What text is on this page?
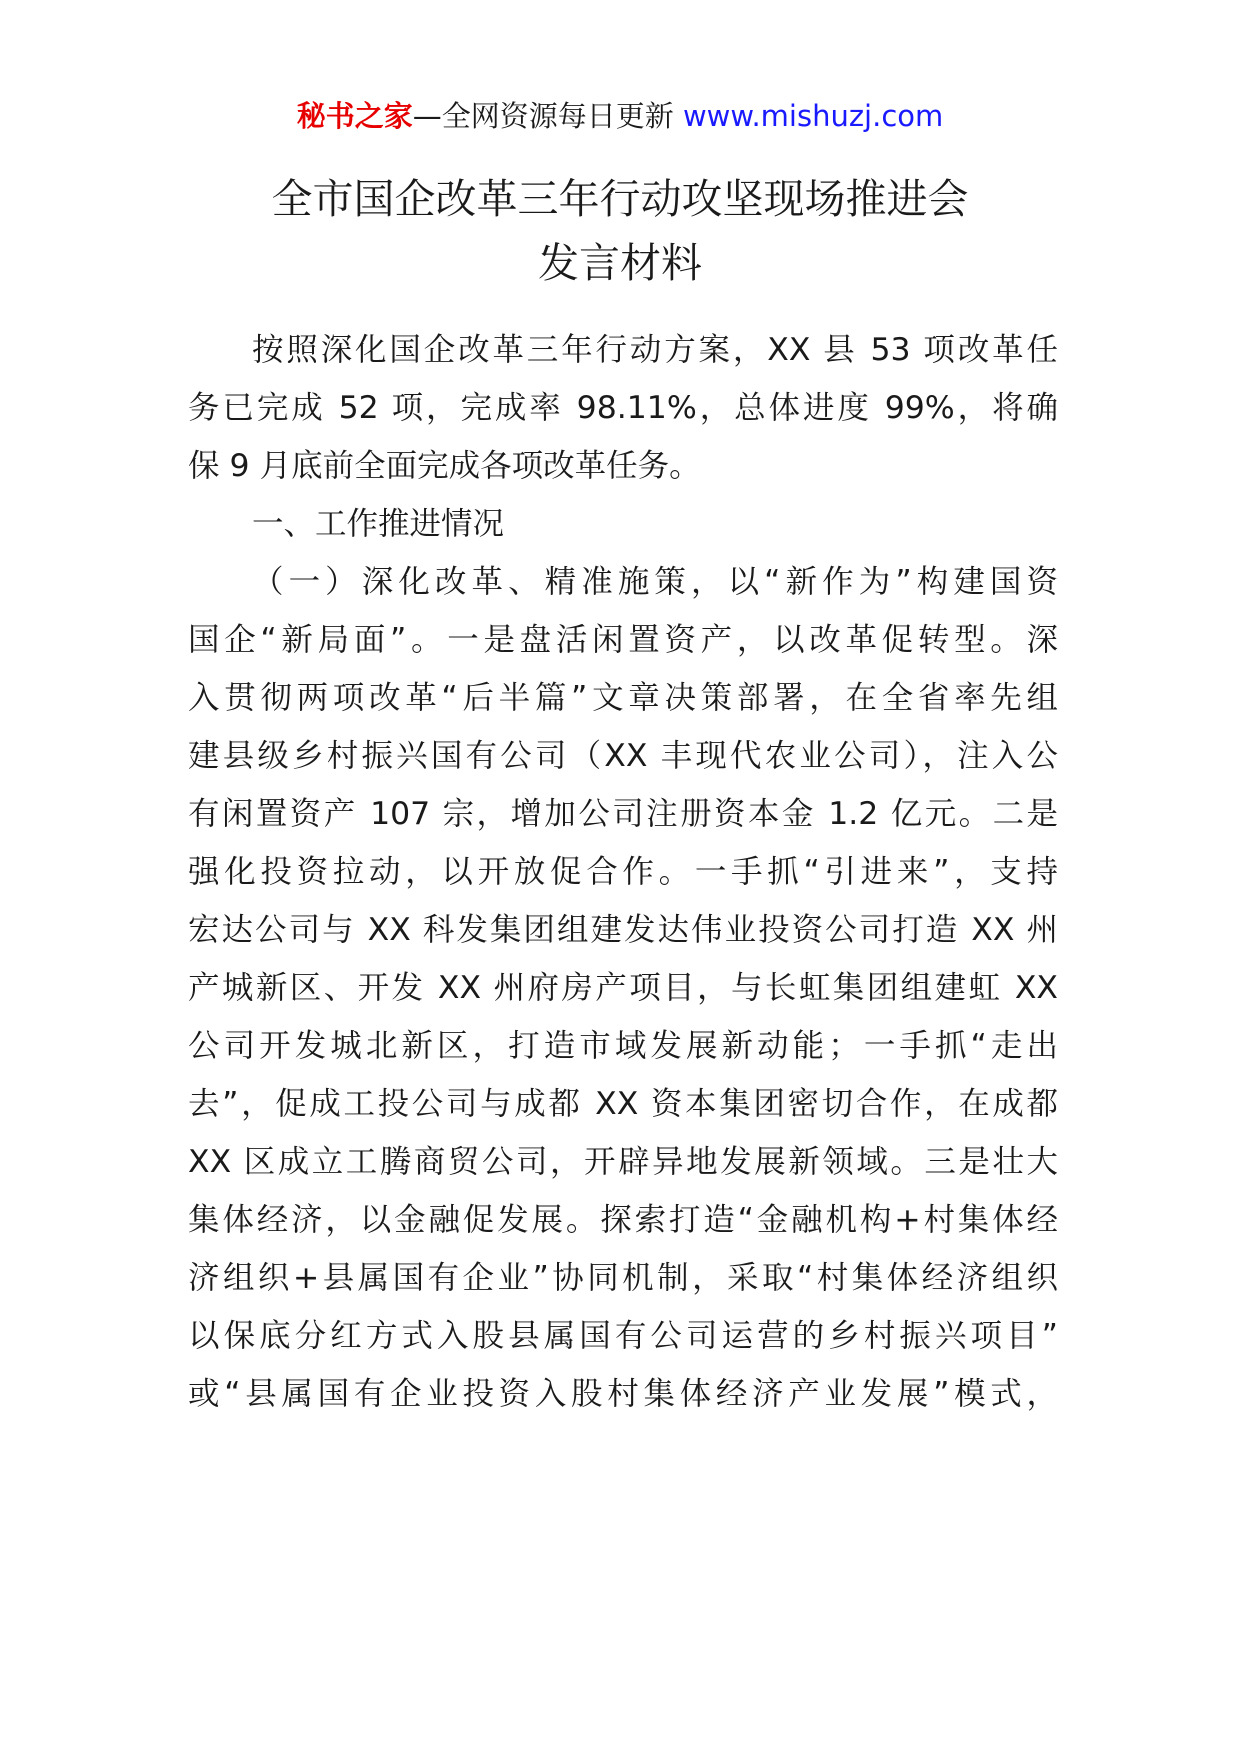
秘书之家—全网资源每日更新 www.mishuzj.com
全市国企改革三年行动攻坚现场推进会
发言材料
按照深化国企改革三年行动方案，XX 县 53 项改革任
务已完成 52 项，完成率 98.11%，总体进度 99%，将确
保 9 月底前全面完成各项改革任务。
一、工作推进情况
（一）深化改革、精准施策，以“新作为”构建国资
国企“新局面”。一是盘活闲置资产，以改革促转型。深
入贯彻两项改革“后半篇”文章决策部署，在全省率先组
建县级乡村振兴国有公司（XX 丰现代农业公司），注入公
有闲置资产 107 宗，增加公司注册资本金 1.2 亿元。二是
强化投资拉动，以开放促合作。一手抓“引进来”，支持
宏达公司与 XX 科发集团组建发达伟业投资公司打造 XX 州
产城新区、开发 XX 州府房产项目，与长虹集团组建虹 XX
公司开发城北新区，打造市域发展新动能；一手抓“走出
去”，促成工投公司与成都 XX 资本集团密切合作，在成都
XX 区成立工腾商贸公司，开辟异地发展新领域。三是壮大
集体经济，以金融促发展。探索打造“金融机构+村集体经
济组织+县属国有企业”协同机制，采取“村集体经济组织
以保底分红方式入股县属国有公司运营的乡村振兴项目”
或“县属国有企业投资入股村集体经济产业发展”模式，
